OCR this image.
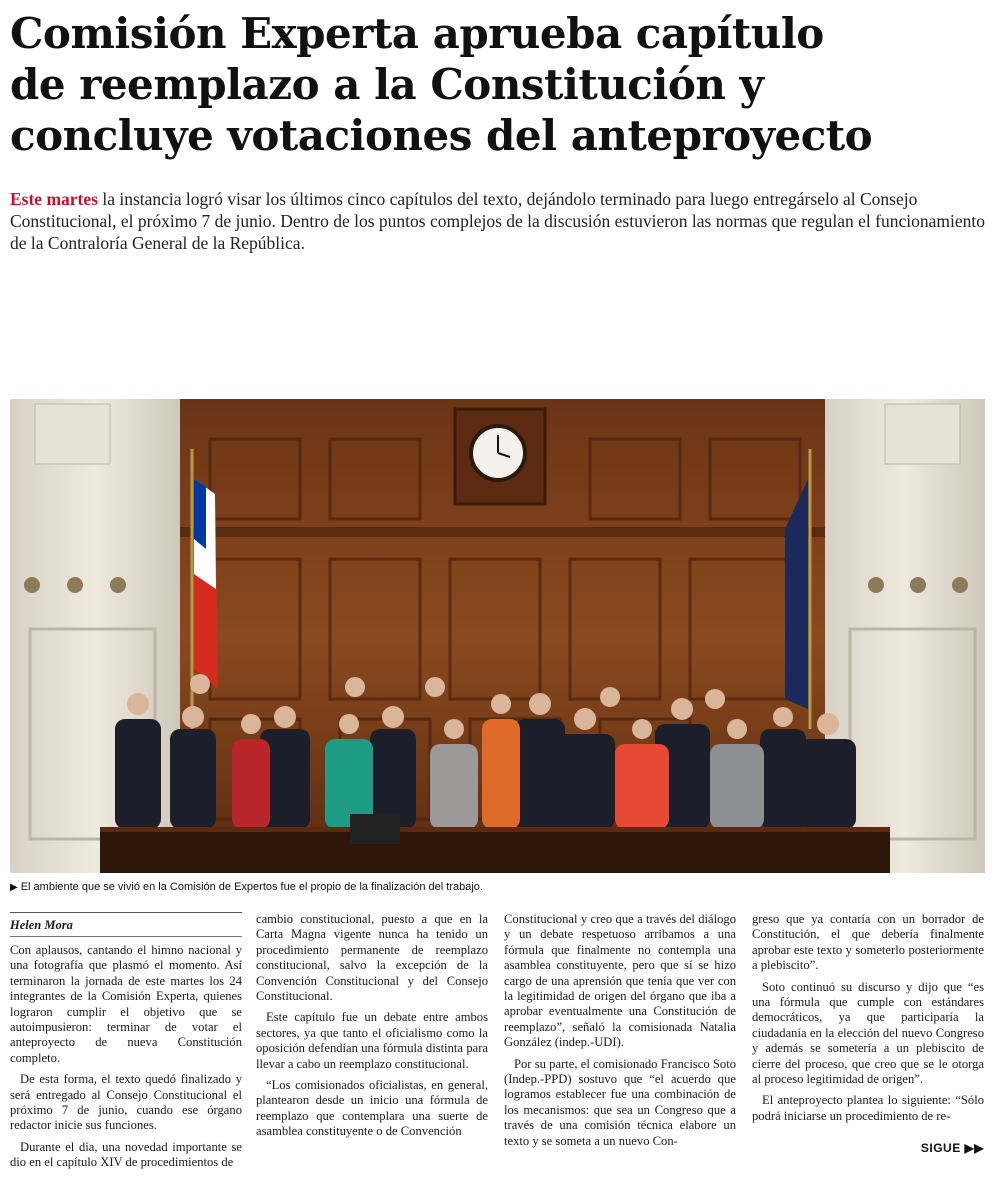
Comisión Experta aprueba capítulo
de reemplazo a la Constitución y
concluye votaciones del anteproyecto

Este martes la instancia logró visar los últimos cinco capítulos del texto, dejándolo terminado para luego entregárselo al Consejo Constitucional, el próximo 7 de junio. Dentro de los puntos complejos de la discusión estuvieron las normas que regulan el funcionamiento de la Contraloría General de la República.

▶ El ambiente que se vivió en la Comisión de Expertos fue el propio de la finalización del trabajo.

Helen Mora

Con aplausos, cantando el himno nacional y una fotografía que plasmó el momento. Así terminaron la jornada de este martes los 24 integrantes de la Comisión Experta, quienes lograron cumplir el objetivo que se autoimpusieron: terminar de votar el anteproyecto de nueva Constitución completo.

De esta forma, el texto quedó finalizado y será entregado al Consejo Constitucional el próximo 7 de junio, cuando ese órgano redactor inicie sus funciones.

Durante el día, una novedad importante se dio en el capítulo XIV de procedimientos de

cambio constitucional, puesto a que en la Carta Magna vigente nunca ha tenido un procedimiento permanente de reemplazo constitucional, salvo la excepción de la Convención Constitucional y del Consejo Constitucional.

Este capítulo fue un debate entre ambos sectores, ya que tanto el oficialismo como la oposición defendían una fórmula distinta para llevar a cabo un reemplazo constitucional.

“Los comisionados oficialistas, en general, plantearon desde un inicio una fórmula de reemplazo que contemplara una suerte de asamblea constituyente o de Convención

Constitucional y creo que a través del diálogo y un debate respetuoso arribamos a una fórmula que finalmente no contempla una asamblea constituyente, pero que sí se hizo cargo de una aprensión que tenía que ver con la legitimidad de origen del órgano que iba a aprobar eventualmente una Constitución de reemplazo”, señaló la comisionada Natalia González (indep.-UDI).

Por su parte, el comisionado Francisco Soto (Indep.-PPD) sostuvo que “el acuerdo que logramos establecer fue una combinación de los mecanismos: que sea un Congreso que a través de una comisión técnica elabore un texto y se someta a un nuevo Con-

greso que ya contaría con un borrador de Constitución, el que debería finalmente aprobar este texto y someterlo posteriormente a plebiscito”.

Soto continuó su discurso y dijo que “es una fórmula que cumple con estándares democráticos, ya que participaría la ciudadanía en la elección del nuevo Congreso y además se sometería a un plebiscito de cierre del proceso, que creo que se le otorga al proceso legitimidad de origen”.

El anteproyecto plantea lo siguiente: “Sólo podrá iniciarse un procedimiento de re-

SIGUE ▶▶
